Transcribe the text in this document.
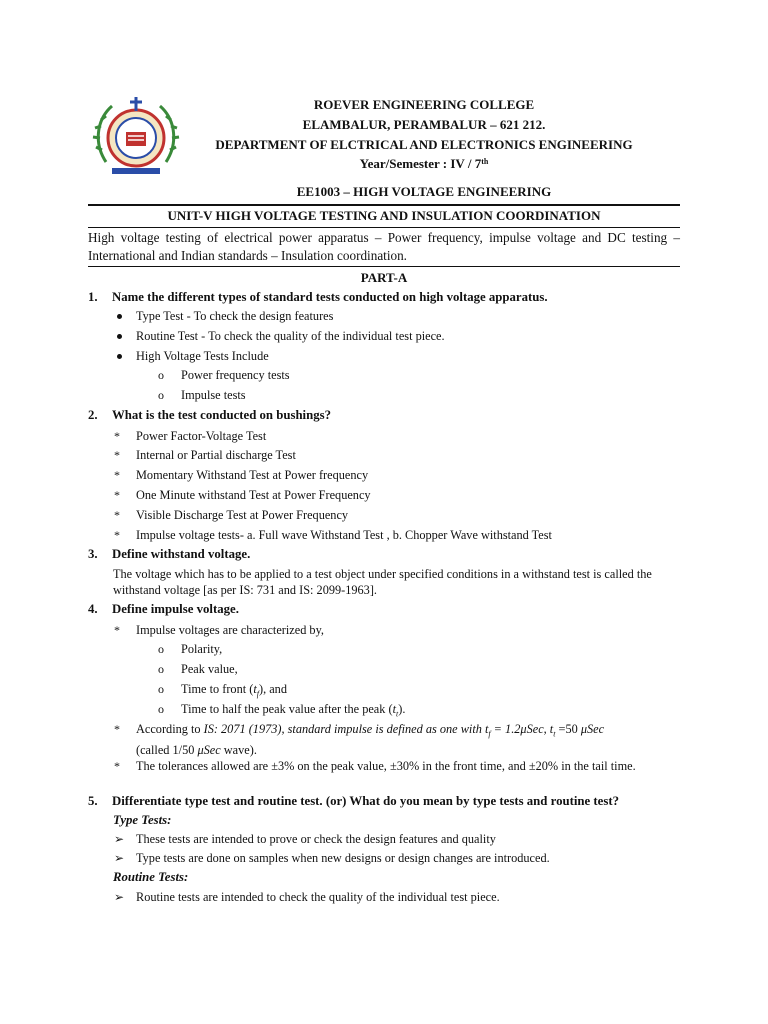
ROEVER ENGINEERING COLLEGE
ELAMBALUR, PERAMBALUR – 621 212.
DEPARTMENT OF ELCTRICAL AND ELECTRONICS ENGINEERING
Year/Semester : IV / 7th
EE1003 – HIGH VOLTAGE ENGINEERING
UNIT-V HIGH VOLTAGE TESTING AND INSULATION COORDINATION
High voltage testing of electrical power apparatus – Power frequency, impulse voltage and DC testing – International and Indian standards – Insulation coordination.
PART-A
1. Name the different types of standard tests conducted on high voltage apparatus.
Type Test - To check the design features
Routine Test - To check the quality of the individual test piece.
High Voltage Tests Include
o Power frequency tests
o Impulse tests
2. What is the test conducted on bushings?
* Power Factor-Voltage Test
* Internal or Partial discharge Test
* Momentary Withstand Test at Power frequency
* One Minute withstand Test at Power Frequency
* Visible Discharge Test at Power Frequency
* Impulse voltage tests- a. Full wave Withstand Test , b. Chopper Wave withstand Test
3. Define withstand voltage.
The voltage which has to be applied to a test object under specified conditions in a withstand test is called the withstand voltage [as per IS: 731 and IS: 2099-1963].
4. Define impulse voltage.
* Impulse voltages are characterized by,
o Polarity,
o Peak value,
o Time to front $(t_f)$, and
o Time to half the peak value after the peak $(t_t)$.
* According to IS: 2071 (1973), standard impulse is defined as one with $t_f = 1.2\mu Sec$, $t_t =50$ μSec
(called 1/50 μSec wave).
* The tolerances allowed are ±3% on the peak value, ±30% in the front time, and ±20% in the tail time.
5. Differentiate type test and routine test. (or) What do you mean by type tests and routine test?
Type Tests:
➢ These tests are intended to prove or check the design features and quality
➢ Type tests are done on samples when new designs or design changes are introduced.
Routine Tests:
➢ Routine tests are intended to check the quality of the individual test piece.
